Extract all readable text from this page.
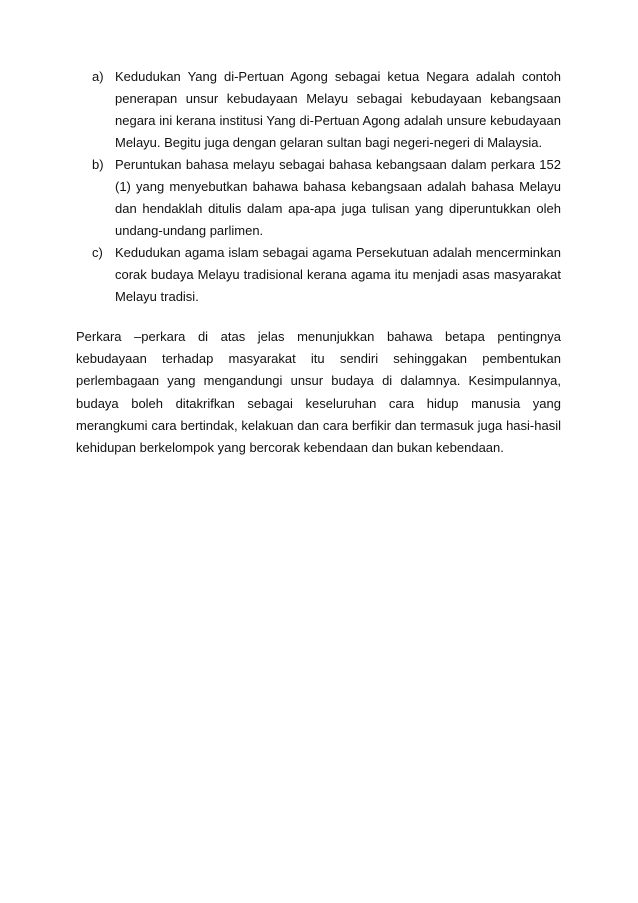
a) Kedudukan Yang di-Pertuan Agong sebagai ketua Negara adalah contoh penerapan unsur kebudayaan Melayu sebagai kebudayaan kebangsaan negara ini kerana institusi Yang di-Pertuan Agong adalah unsure kebudayaan Melayu. Begitu juga dengan gelaran sultan bagi negeri-negeri di Malaysia.
b) Peruntukan bahasa melayu sebagai bahasa kebangsaan dalam perkara 152 (1) yang menyebutkan bahawa bahasa kebangsaan adalah bahasa Melayu dan hendaklah ditulis dalam apa-apa juga tulisan yang diperuntukkan oleh undang-undang parlimen.
c) Kedudukan agama islam sebagai agama Persekutuan adalah mencerminkan corak budaya Melayu tradisional kerana agama itu menjadi asas masyarakat Melayu tradisi.

Perkara –perkara di atas jelas menunjukkan bahawa betapa pentingnya kebudayaan terhadap masyarakat itu sendiri sehinggakan pembentukan perlembagaan yang mengandungi unsur budaya di dalamnya. Kesimpulannya, budaya boleh ditakrifkan sebagai keseluruhan cara hidup manusia yang merangkumi cara bertindak, kelakuan dan cara berfikir dan termasuk juga hasi-hasil kehidupan berkelompok yang bercorak kebendaan dan bukan kebendaan.
